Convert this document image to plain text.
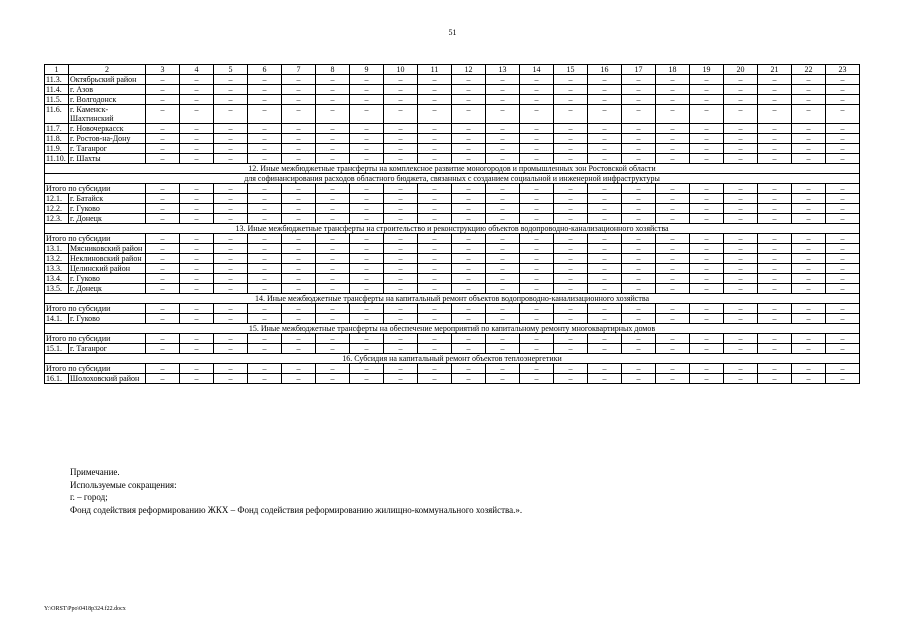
51
1	2	3	4	5	6	7	8	9	10	11	12	13	14	15	16	17	18	19	20	21	22	23
11.3.	Октябрьский район	–	–	–	–	–	–	–	–	–	–	–	–	–	–	–	–	–	–	–	–	–
11.4.	г. Азов	–	–	–	–	–	–	–	–	–	–	–	–	–	–	–	–	–	–	–	–	–
11.5.	г. Волгодонск	–	–	–	–	–	–	–	–	–	–	–	–	–	–	–	–	–	–	–	–	–
11.6.	г. Каменск-Шахтинский	–	–	–	–	–	–	–	–	–	–	–	–	–	–	–	–	–	–	–	–	–
11.7.	г. Новочеркасск	–	–	–	–	–	–	–	–	–	–	–	–	–	–	–	–	–	–	–	–	–
11.8.	г. Ростов-на-Дону	–	–	–	–	–	–	–	–	–	–	–	–	–	–	–	–	–	–	–	–	–
11.9.	г. Таганрог	–	–	–	–	–	–	–	–	–	–	–	–	–	–	–	–	–	–	–	–	–
11.10.	г. Шахты	–	–	–	–	–	–	–	–	–	–	–	–	–	–	–	–	–	–	–	–	–
12. Иные межбюджетные трансферты на комплексное развитие моногородов и промышленных зон Ростовской области																						
для софинансирования расходов областного бюджета, связанных с созданием социальной и инженерной инфраструктуры																						
Итого по субсидии		–	–	–	–	–	–	–	–	–	–	–	–	–	–	–	–	–	–	–	–	–
12.1.	г. Батайск	–	–	–	–	–	–	–	–	–	–	–	–	–	–	–	–	–	–	–	–	–
12.2.	г. Гуково	–	–	–	–	–	–	–	–	–	–	–	–	–	–	–	–	–	–	–	–	–
12.3.	г. Донецк	–	–	–	–	–	–	–	–	–	–	–	–	–	–	–	–	–	–	–	–	–
13. Иные межбюджетные трансферты на строительство и реконструкцию объектов водопроводно-канализационного хозяйства																						
Итого по субсидии		–	–	–	–	–	–	–	–	–	–	–	–	–	–	–	–	–	–	–	–	–
13.1.	Мясниковский район	–	–	–	–	–	–	–	–	–	–	–	–	–	–	–	–	–	–	–	–	–
13.2.	Неклиновский район	–	–	–	–	–	–	–	–	–	–	–	–	–	–	–	–	–	–	–	–	–
13.3.	Целинский район	–	–	–	–	–	–	–	–	–	–	–	–	–	–	–	–	–	–	–	–	–
13.4.	г. Гуково	–	–	–	–	–	–	–	–	–	–	–	–	–	–	–	–	–	–	–	–	–
13.5.	г. Донецк	–	–	–	–	–	–	–	–	–	–	–	–	–	–	–	–	–	–	–	–	–
14. Иные межбюджетные трансферты на капитальный ремонт объектов водопроводно-канализационного хозяйства																						
Итого по субсидии		–	–	–	–	–	–	–	–	–	–	–	–	–	–	–	–	–	–	–	–	–
14.1.	г. Гуково	–	–	–	–	–	–	–	–	–	–	–	–	–	–	–	–	–	–	–	–	–
15. Иные межбюджетные трансферты на обеспечение мероприятий по капитальному ремонту многоквартирных домов																						
Итого по субсидии		–	–	–	–	–	–	–	–	–	–	–	–	–	–	–	–	–	–	–	–	–
15.1.	г. Таганрог	–	–	–	–	–	–	–	–	–	–	–	–	–	–	–	–	–	–	–	–	–
16. Субсидия на капитальный ремонт объектов теплоэнергетики																						
Итого по субсидии		–	–	–	–	–	–	–	–	–	–	–	–	–	–	–	–	–	–	–	–	–
16.1.	Шолоховский район	–	–	–	–	–	–	–	–	–	–	–	–	–	–	–	–	–	–	–	–	–
Примечание.
Используемые сокращения:
г. – город;
Фонд содействия реформированию ЖКХ – Фонд содействия реформированию жилищно-коммунального хозяйства.».
Y:\ORST\Ppo\0418p324.f22.docx
